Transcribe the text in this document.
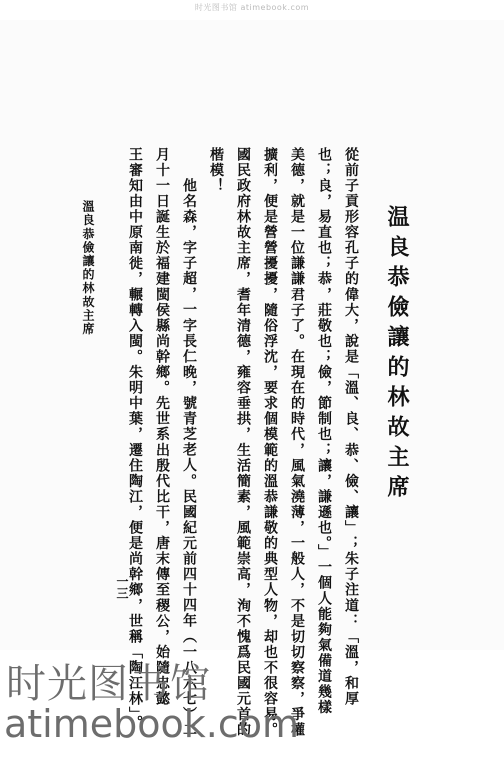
时光图书馆 atimebook.com
温良恭儉讓的林故主席
從前子貢形容孔子的偉大，說是「溫、良、恭、儉、讓」；朱子注道：「溫，和厚
也；良，易直也；恭，莊敬也；儉，節制也；讓，謙遜也。」一個人能夠氣備道幾樣
美德，就是一位謙謙君子了。在現在的時代，風氣澆薄，一般人，不是切切察察，爭權
擴利，便是營營擾擾，隨俗浮沈，要求個模範的溫恭謙敬的典型人物，却也不很容易。
國民政府林故主席，耆年清德，雍容垂拱，生活簡素，風範崇高，洵不愧爲民國元首的
楷模！
他名森，字子超，一字長仁晚，號青芝老人。民國紀元前四十四年（一八六七）二
月十一日誕生於福建閩侯縣尚幹鄉。先世系出殷代比干，唐末傳至稷公，始隨忠懿
王審知由中原南徙，輾轉入閩。朱明中葉，遷住陶江，便是尚幹鄉，世稱「陶江林」。
溫良恭儉讓的林故主席
一三
时光图书馆
atimebook.com
